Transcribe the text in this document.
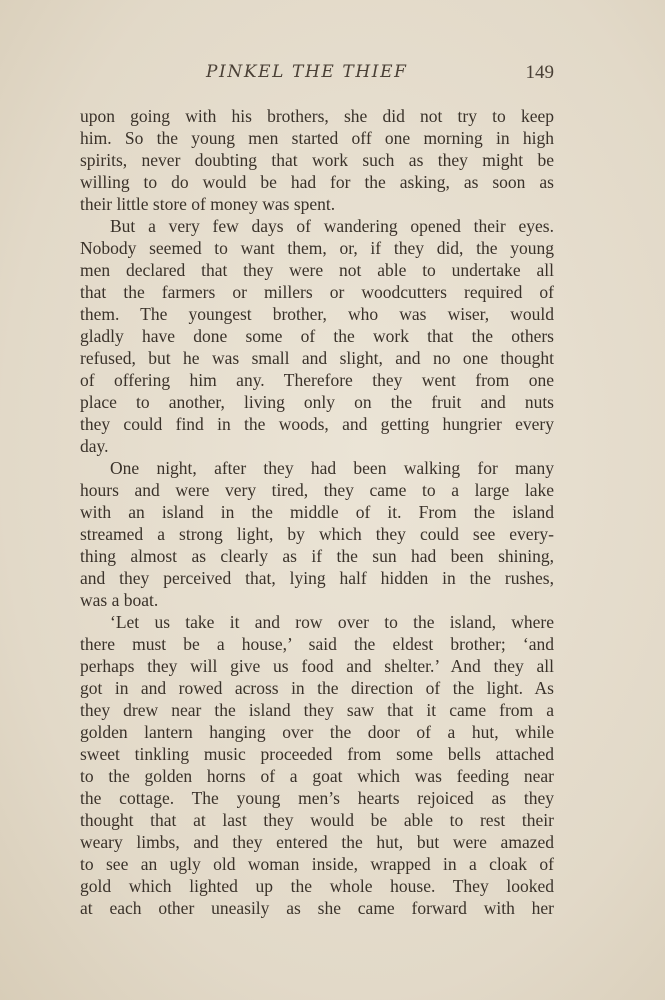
PINKEL THE THIEF	149
upon going with his brothers, she did not try to keep
him. So the young men started off one morning in high
spirits, never doubting that work such as they might be
willing to do would be had for the asking, as soon as
their little store of money was spent.
But a very few days of wandering opened their eyes.
Nobody seemed to want them, or, if they did, the young
men declared that they were not able to undertake all
that the farmers or millers or woodcutters required of
them. The youngest brother, who was wiser, would
gladly have done some of the work that the others
refused, but he was small and slight, and no one thought
of offering him any. Therefore they went from one
place to another, living only on the fruit and nuts
they could find in the woods, and getting hungrier every
day.
One night, after they had been walking for many
hours and were very tired, they came to a large lake
with an island in the middle of it. From the island
streamed a strong light, by which they could see every-
thing almost as clearly as if the sun had been shining,
and they perceived that, lying half hidden in the rushes,
was a boat.
‘Let us take it and row over to the island, where
there must be a house,’ said the eldest brother; ‘and
perhaps they will give us food and shelter.’ And they all
got in and rowed across in the direction of the light. As
they drew near the island they saw that it came from a
golden lantern hanging over the door of a hut, while
sweet tinkling music proceeded from some bells attached
to the golden horns of a goat which was feeding near
the cottage. The young men’s hearts rejoiced as they
thought that at last they would be able to rest their
weary limbs, and they entered the hut, but were amazed
to see an ugly old woman inside, wrapped in a cloak of
gold which lighted up the whole house. They looked
at each other uneasily as she came forward with her
